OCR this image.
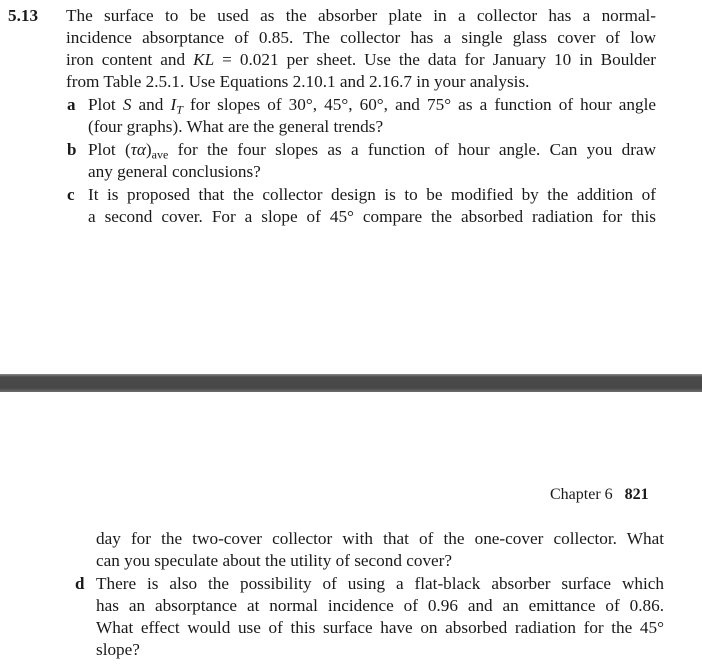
5.13 The surface to be used as the absorber plate in a collector has a normal-
incidence absorptance of 0.85. The collector has a single glass cover of low
iron content and KL = 0.021 per sheet. Use the data for January 10 in Boulder
from Table 2.5.1. Use Equations 2.10.1 and 2.16.7 in your analysis.
a Plot S and $I_T$ for slopes of 30°, 45°, 60°, and 75° as a function of hour angle
(four graphs). What are the general trends?
b Plot $(\tau\alpha)_{ave}$ for the four slopes as a function of hour angle. Can you draw
any general conclusions?
c It is proposed that the collector design is to be modified by the addition of
a second cover. For a slope of 45° compare the absorbed radiation for this
Chapter 6 821
day for the two-cover collector with that of the one-cover collector. What
can you speculate about the utility of second cover?
d There is also the possibility of using a flat-black absorber surface which
has an absorptance at normal incidence of 0.96 and an emittance of 0.86.
What effect would use of this surface have on absorbed radiation for the 45°
slope?
